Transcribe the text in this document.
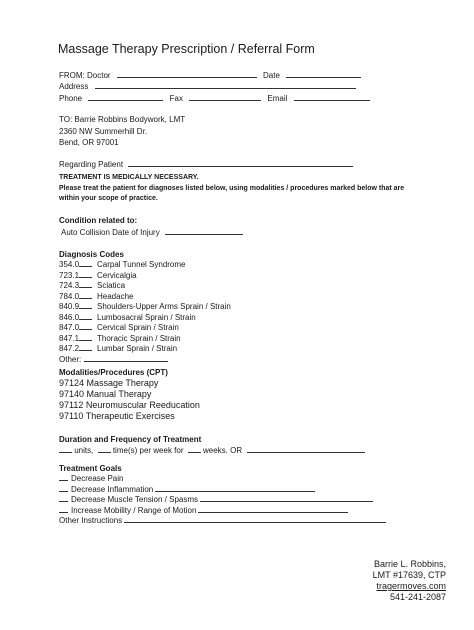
Massage Therapy Prescription / Referral Form
FROM: Doctor	Date
Address
Phone	Fax	Email
TO: Barrie Robbins Bodywork, LMT
2360 NW Summerhill Dr.
Bend, OR 97001
Regarding Patient
TREATMENT IS MEDICALLY NECESSARY.
Please treat the patient for diagnoses listed below, using modalities / procedures marked below that are
within your scope of practice.
Condition related to:
Auto Collision Date of Injury
Diagnosis Codes
354.0 Carpal Tunnel Syndrome
723.1 Cervicalgia
724.3 Sciatica
784.0 Headache
840.9 Shoulders-Upper Arms Sprain / Strain
846.0 Lumbosacral Sprain / Strain
847.0 Cervical Sprain / Strain
847.1 Thoracic Sprain / Strain
847.2 Lumbar Sprain / Strain
Other:
Modalities/Procedures (CPT)
97124 Massage Therapy
97140 Manual Therapy
97112 Neuromuscular Reeducation
97110 Therapeutic Exercises
Duration and Frequency of Treatment
units, time(s) per week for weeks. OR
Treatment Goals
Decrease Pain
Decrease Inflammation
Decrease Muscle Tension / Spasms
Increase Mobility / Range of Motion
Other Instructions
Barrie L. Robbins,
LMT #17639, CTP
tragermoves.com
541-241-2087
